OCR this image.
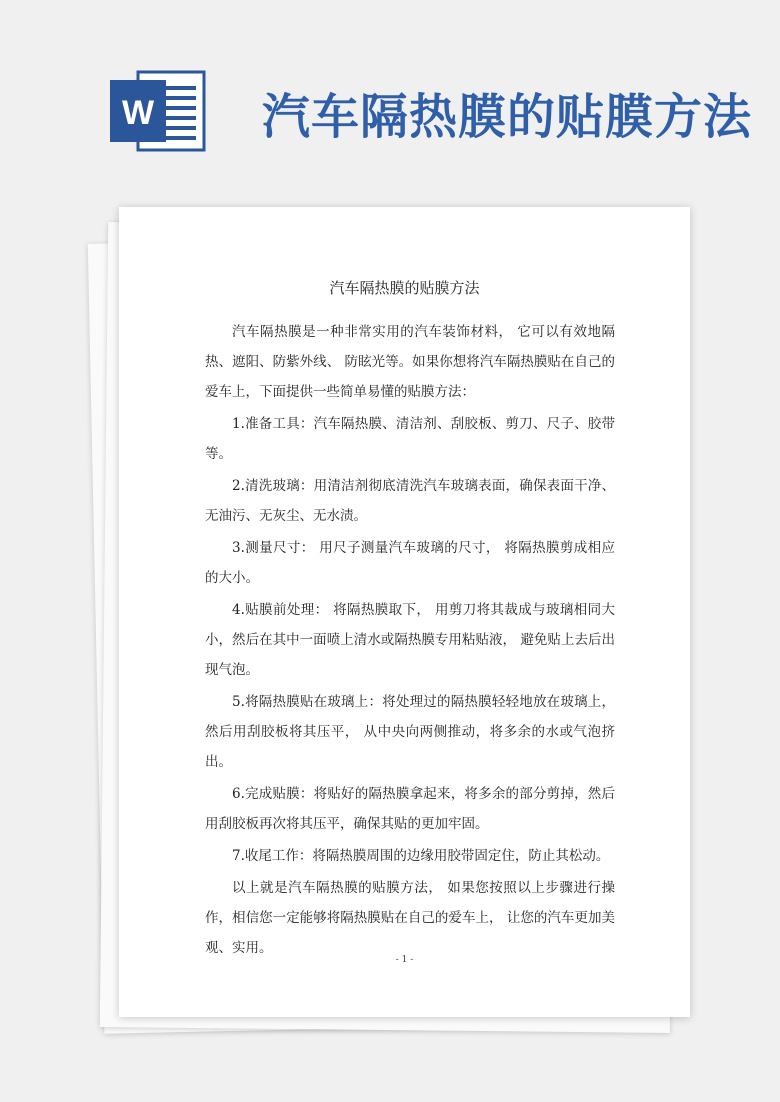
W 汽车隔热膜的贴膜方法
汽车隔热膜的贴膜方法

汽车隔热膜是一种非常实用的汽车装饰材料， 它可以有效地隔热、遮阳、防紫外线、 防眩光等。如果你想将汽车隔热膜贴在自己的爱车上，下面提供一些简单易懂的贴膜方法：

1.准备工具：汽车隔热膜、清洁剂、刮胶板、剪刀、尺子、胶带等。

2.清洗玻璃：用清洁剂彻底清洗汽车玻璃表面，确保表面干净、无油污、无灰尘、无水渍。

3.测量尺寸： 用尺子测量汽车玻璃的尺寸， 将隔热膜剪成相应的大小。

4.贴膜前处理： 将隔热膜取下， 用剪刀将其裁成与玻璃相同大小，然后在其中一面喷上清水或隔热膜专用粘贴液， 避免贴上去后出现气泡。

5.将隔热膜贴在玻璃上：将处理过的隔热膜轻轻地放在玻璃上，然后用刮胶板将其压平， 从中央向两侧推动，将多余的水或气泡挤出。

6.完成贴膜：将贴好的隔热膜拿起来，将多余的部分剪掉，然后用刮胶板再次将其压平，确保其贴的更加牢固。

7.收尾工作：将隔热膜周围的边缘用胶带固定住，防止其松动。

以上就是汽车隔热膜的贴膜方法， 如果您按照以上步骤进行操作，相信您一定能够将隔热膜贴在自己的爱车上， 让您的汽车更加美观、实用。

- 1 -
